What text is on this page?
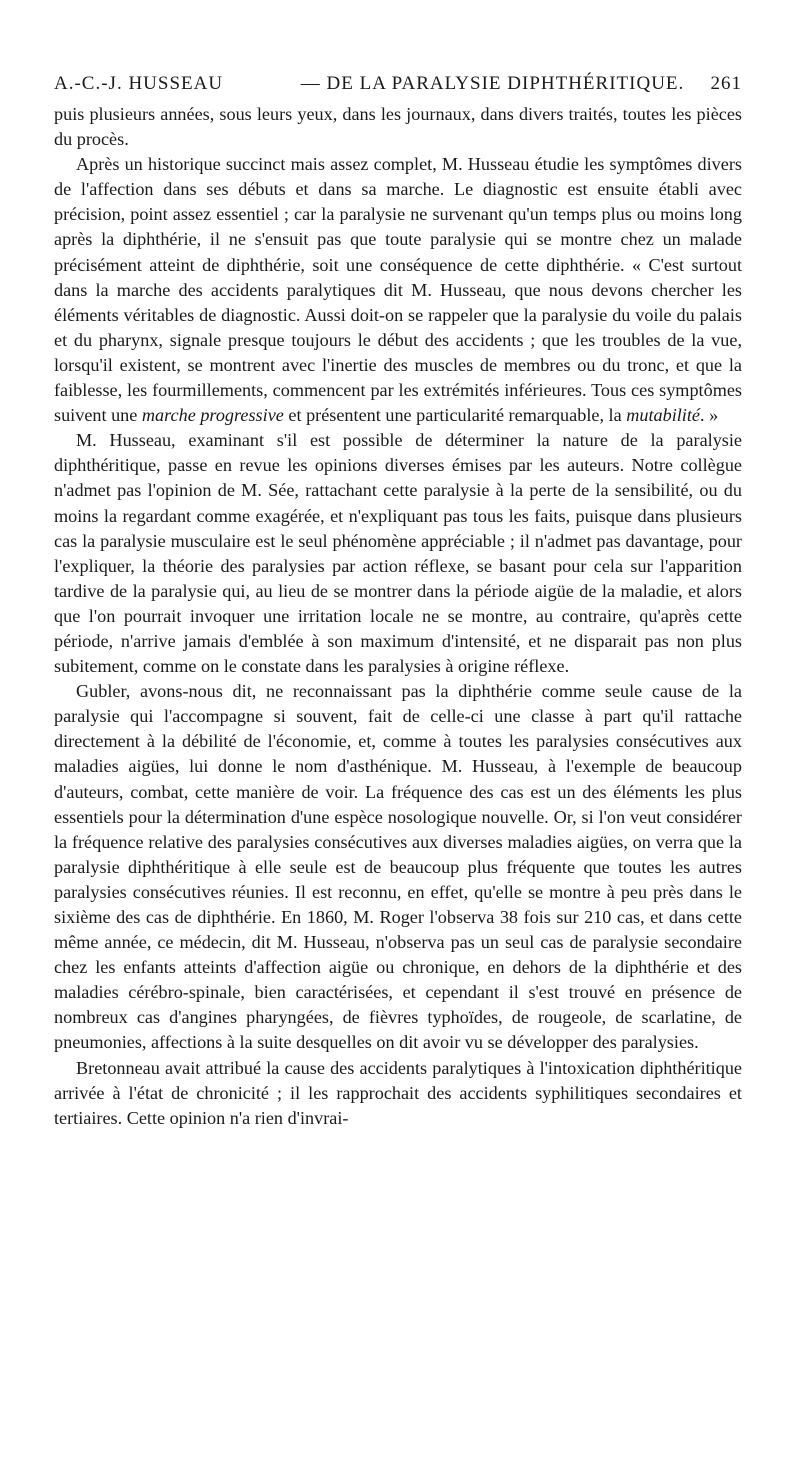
A.-C.-J. HUSSEAU	— DE LA PARALYSIE DIPHTHÉRITIQUE.	261

puis plusieurs années, sous leurs yeux, dans les journaux, dans divers traités, toutes les pièces du procès.

Après un historique succinct mais assez complet, M. Husseau étudie les symptômes divers de l'affection dans ses débuts et dans sa marche. Le diagnostic est ensuite établi avec précision, point assez essentiel ; car la paralysie ne survenant qu'un temps plus ou moins long après la diphthérie, il ne s'ensuit pas que toute paralysie qui se montre chez un malade précisément atteint de diphthérie, soit une conséquence de cette diphthérie. « C'est surtout dans la marche des accidents paralytiques dit M. Husseau, que nous devons chercher les éléments véritables de diagnostic. Aussi doit-on se rappeler que la paralysie du voile du palais et du pharynx, signale presque toujours le début des accidents ; que les troubles de la vue, lorsqu'il existent, se montrent avec l'inertie des muscles de membres ou du tronc, et que la faiblesse, les fourmillements, commencent par les extrémités inférieures. Tous ces symptômes suivent une marche progressive et présentent une particularité remarquable, la mutabilité. »

M. Husseau, examinant s'il est possible de déterminer la nature de la paralysie diphthéritique, passe en revue les opinions diverses émises par les auteurs. Notre collègue n'admet pas l'opinion de M. Sée, rattachant cette paralysie à la perte de la sensibilité, ou du moins la regardant comme exagérée, et n'expliquant pas tous les faits, puisque dans plusieurs cas la paralysie musculaire est le seul phénomène appréciable ; il n'admet pas davantage, pour l'expliquer, la théorie des paralysies par action réflexe, se basant pour cela sur l'apparition tardive de la paralysie qui, au lieu de se montrer dans la période aigüe de la maladie, et alors que l'on pourrait invoquer une irritation locale ne se montre, au contraire, qu'après cette période, n'arrive jamais d'emblée à son maximum d'intensité, et ne disparait pas non plus subitement, comme on le constate dans les paralysies à origine réflexe.

Gubler, avons-nous dit, ne reconnaissant pas la diphthérie comme seule cause de la paralysie qui l'accompagne si souvent, fait de celle-ci une classe à part qu'il rattache directement à la débilité de l'économie, et, comme à toutes les paralysies consécutives aux maladies aigües, lui donne le nom d'asthénique. M. Husseau, à l'exemple de beaucoup d'auteurs, combat, cette manière de voir. La fréquence des cas est un des éléments les plus essentiels pour la détermination d'une espèce nosologique nouvelle. Or, si l'on veut considérer la fréquence relative des paralysies consécutives aux diverses maladies aigües, on verra que la paralysie diphthéritique à elle seule est de beaucoup plus fréquente que toutes les autres paralysies consécutives réunies. Il est reconnu, en effet, qu'elle se montre à peu près dans le sixième des cas de diphthérie. En 1860, M. Roger l'observa 38 fois sur 210 cas, et dans cette même année, ce médecin, dit M. Husseau, n'observa pas un seul cas de paralysie secondaire chez les enfants atteints d'affection aigüe ou chronique, en dehors de la diphthérie et des maladies cérébro-spinale, bien caractérisées, et cependant il s'est trouvé en présence de nombreux cas d'angines pharyngées, de fièvres typhoïdes, de rougeole, de scarlatine, de pneumonies, affections à la suite desquelles on dit avoir vu se développer des paralysies.

Bretonneau avait attribué la cause des accidents paralytiques à l'intoxication diphthéritique arrivée à l'état de chronicité ; il les rapprochait des accidents syphilitiques secondaires et tertiaires. Cette opinion n'a rien d'invrai-
